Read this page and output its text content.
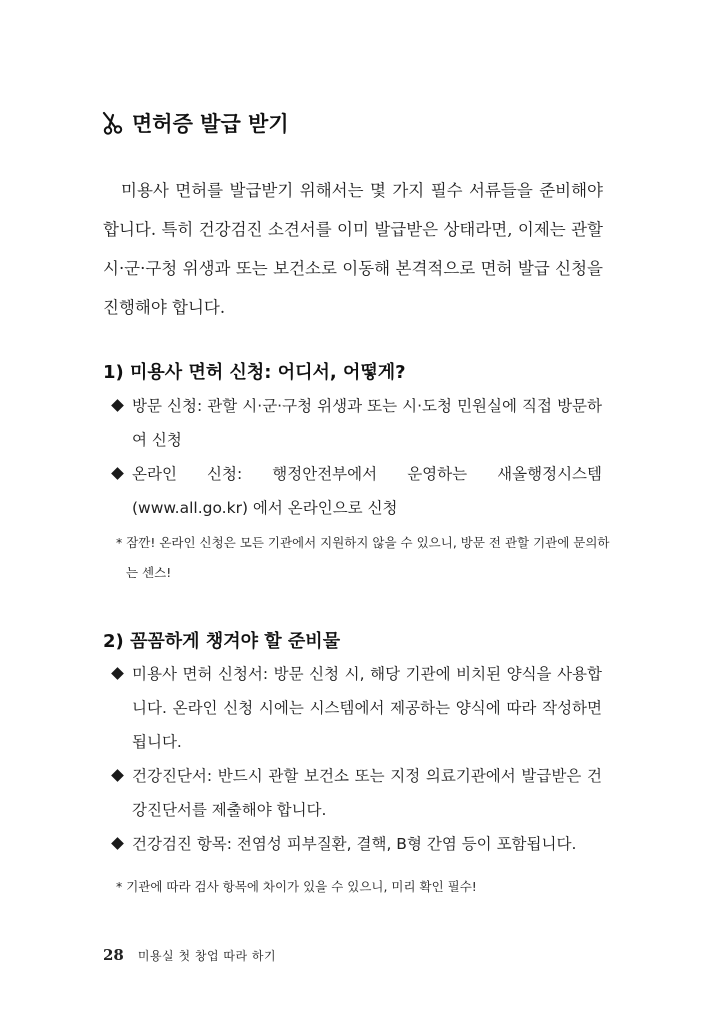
면허증 발급 받기

미용사 면허를 발급받기 위해서는 몇 가지 필수 서류들을 준비해야 합니다. 특히 건강검진 소견서를 이미 발급받은 상태라면, 이제는 관할 시·군·구청 위생과 또는 보건소로 이동해 본격적으로 면허 발급 신청을 진행해야 합니다.

1) 미용사 면허 신청: 어디서, 어떻게?
방문 신청: 관할 시·군·구청 위생과 또는 시·도청 민원실에 직접 방문하여 신청
온라인 신청: 행정안전부에서 운영하는 새올행정시스템(www.all.go.kr) 에서 온라인으로 신청

* 잠깐! 온라인 신청은 모든 기관에서 지원하지 않을 수 있으니, 방문 전 관할 기관에 문의하는 센스!

2) 꼼꼼하게 챙겨야 할 준비물
미용사 면허 신청서: 방문 신청 시, 해당 기관에 비치된 양식을 사용합니다. 온라인 신청 시에는 시스템에서 제공하는 양식에 따라 작성하면 됩니다.
건강진단서: 반드시 관할 보건소 또는 지정 의료기관에서 발급받은 건강진단서를 제출해야 합니다.
건강검진 항목: 전염성 피부질환, 결핵, B형 간염 등이 포함됩니다.

* 기관에 따라 검사 항목에 차이가 있을 수 있으니, 미리 확인 필수!

28 미용실 첫 창업 따라 하기
